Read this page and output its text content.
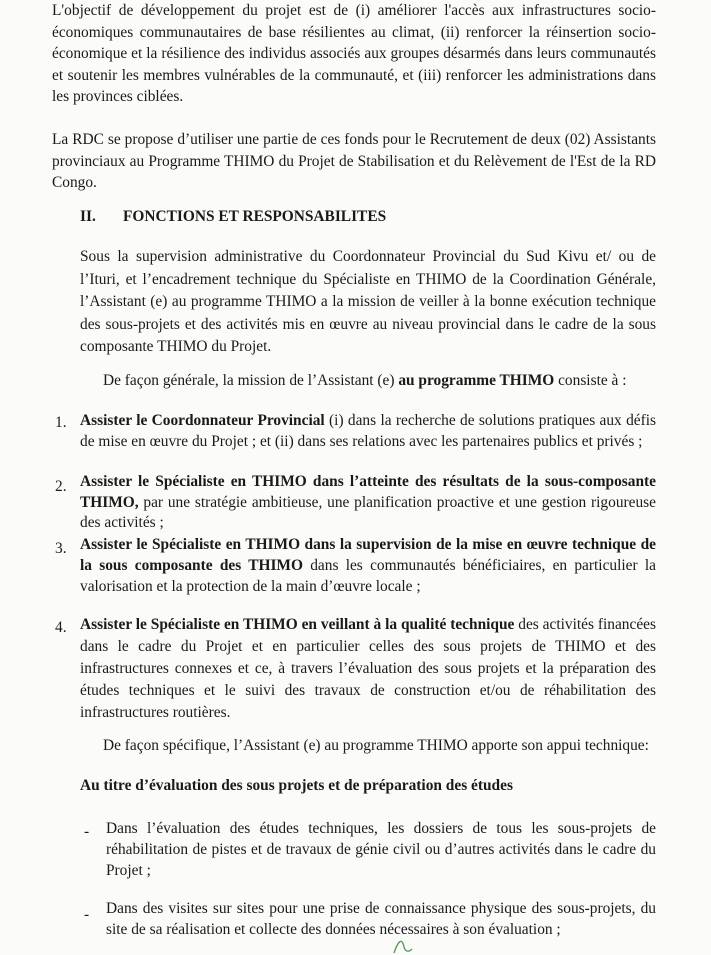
L'objectif de développement du projet est de (i) améliorer l'accès aux infrastructures socio-économiques communautaires de base résilientes au climat, (ii) renforcer la réinsertion socio-économique et la résilience des individus associés aux groupes désarmés dans leurs communautés et soutenir les membres vulnérables de la communauté, et (iii) renforcer les administrations dans les provinces ciblées.

La RDC se propose d’utiliser une partie de ces fonds pour le Recrutement de deux (02) Assistants provinciaux au Programme THIMO du Projet de Stabilisation et du Relèvement de l'Est de la RD Congo.

II. FONCTIONS ET RESPONSABILITES

Sous la supervision administrative du Coordonnateur Provincial du Sud Kivu et/ ou de l’Ituri, et l’encadrement technique du Spécialiste en THIMO de la Coordination Générale, l’Assistant (e) au programme THIMO a la mission de veiller à la bonne exécution technique des sous-projets et des activités mis en œuvre au niveau provincial dans le cadre de la sous composante THIMO du Projet.

De façon générale, la mission de l’Assistant (e) au programme THIMO consiste à :

1. Assister le Coordonnateur Provincial (i) dans la recherche de solutions pratiques aux défis de mise en œuvre du Projet ; et (ii) dans ses relations avec les partenaires publics et privés ;

2. Assister le Spécialiste en THIMO dans l’atteinte des résultats de la sous-composante THIMO, par une stratégie ambitieuse, une planification proactive et une gestion rigoureuse des activités ;

3. Assister le Spécialiste en THIMO dans la supervision de la mise en œuvre technique de la sous composante des THIMO dans les communautés bénéficiaires, en particulier la valorisation et la protection de la main d’œuvre locale ;

4. Assister le Spécialiste en THIMO en veillant à la qualité technique des activités financées dans le cadre du Projet et en particulier celles des sous projets de THIMO et des infrastructures connexes et ce, à travers l’évaluation des sous projets et la préparation des études techniques et le suivi des travaux de construction et/ou de réhabilitation des infrastructures routières.

De façon spécifique, l’Assistant (e) au programme THIMO apporte son appui technique:

Au titre d’évaluation des sous projets et de préparation des études

- Dans l’évaluation des études techniques, les dossiers de tous les sous-projets de réhabilitation de pistes et de travaux de génie civil ou d’autres activités dans le cadre du Projet ;

- Dans des visites sur sites pour une prise de connaissance physique des sous-projets, du site de sa réalisation et collecte des données nécessaires à son évaluation ;
